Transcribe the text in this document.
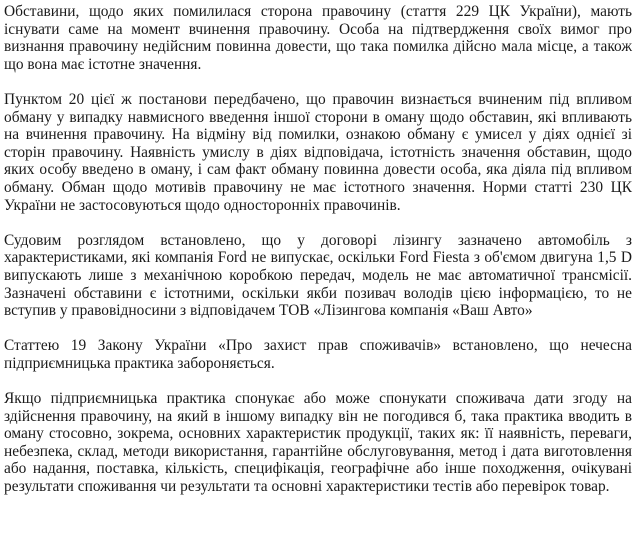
Обставини, щодо яких помилилася сторона правочину (стаття 229 ЦК України), мають існувати саме на момент вчинення правочину. Особа на підтвердження своїх вимог про визнання правочину недійсним повинна довести, що така помилка дійсно мала місце, а також що вона має істотне значення.

Пунктом 20 цієї ж постанови передбачено, що правочин визнається вчиненим під впливом обману у випадку навмисного введення іншої сторони в оману щодо обставин, які впливають на вчинення правочину. На відміну від помилки, ознакою обману є умисел у діях однієї зі сторін правочину. Наявність умислу в діях відповідача, істотність значення обставин, щодо яких особу введено в оману, і сам факт обману повинна довести особа, яка діяла під впливом обману. Обман щодо мотивів правочину не має істотного значення. Норми статті 230 ЦК України не застосовуються щодо односторонніх правочинів.

Судовим розглядом встановлено, що у договорі лізингу зазначено автомобіль з характеристиками, які компанія Ford не випускає, оскільки Ford Fiesta з об'ємом двигуна 1,5 D випускають лише з механічною коробкою передач, модель не має автоматичної трансмісії. Зазначені обставини є істотними, оскільки якби позивач володів цією інформацією, то не вступив у правовідносини з відповідачем ТОВ «Лізингова компанія «Ваш Авто»

Статтею 19 Закону України «Про захист прав споживачів» встановлено, що нечесна підприємницька практика забороняється.

Якщо підприємницька практика спонукає або може спонукати споживача дати згоду на здійснення правочину, на який в іншому випадку він не погодився б, така практика вводить в оману стосовно, зокрема, основних характеристик продукції, таких як: її наявність, переваги, небезпека, склад, методи використання, гарантійне обслуговування, метод і дата виготовлення або надання, поставка, кількість, специфікація, географічне або інше походження, очікувані результати споживання чи результати та основні характеристики тестів або перевірок товар.
